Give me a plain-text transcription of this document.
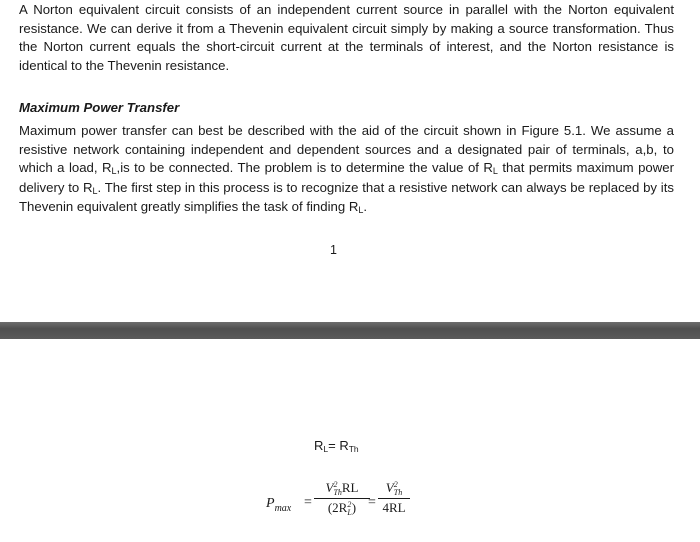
A Norton equivalent circuit consists of an independent current source in parallel with the Norton equivalent resistance. We can derive it from a Thevenin equivalent circuit simply by making a source transformation. Thus the Norton current equals the short-circuit current at the terminals of interest, and the Norton resistance is identical to the Thevenin resistance.

Maximum Power Transfer

Maximum power transfer can best be described with the aid of the circuit shown in Figure 5.1. We assume a resistive network containing independent and dependent sources and a designated pair of terminals, a,b, to which a load, RL,is to be connected. The problem is to determine the value of RL that permits maximum power delivery to RL. The first step in this process is to recognize that a resistive network can always be replaced by its Thevenin equivalent greatly simplifies the task of finding RL.

1
RL= RTh
$P_{max}$ =
V 2
Th RL
(2R 2
L ) = V 2
Th
4RL
